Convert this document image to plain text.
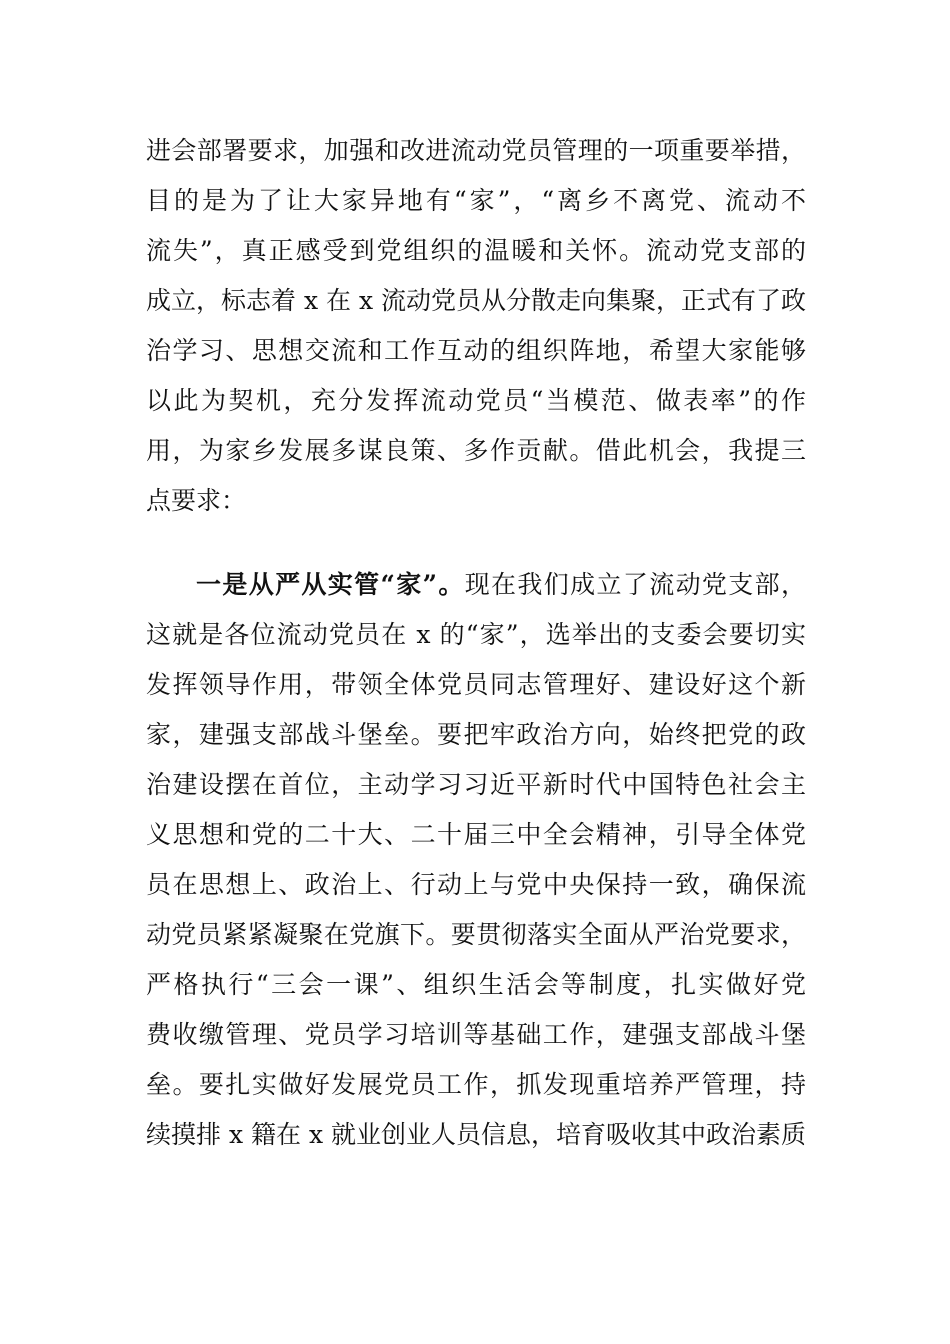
进会部署要求，加强和改进流动党员管理的一项重要举措，
目的是为了让大家异地有“家”，“离乡不离党、流动不
流失”，真正感受到党组织的温暖和关怀。流动党支部的
成立，标志着 x 在 x 流动党员从分散走向集聚，正式有了政
治学习、思想交流和工作互动的组织阵地，希望大家能够
以此为契机，充分发挥流动党员“当模范、做表率”的作
用，为家乡发展多谋良策、多作贡献。借此机会，我提三
点要求：
一是从严从实管“家”。现在我们成立了流动党支部，
这就是各位流动党员在 x 的“家”，选举出的支委会要切实
发挥领导作用，带领全体党员同志管理好、建设好这个新
家，建强支部战斗堡垒。要把牢政治方向，始终把党的政
治建设摆在首位，主动学习习近平新时代中国特色社会主
义思想和党的二十大、二十届三中全会精神，引导全体党
员在思想上、政治上、行动上与党中央保持一致，确保流
动党员紧紧凝聚在党旗下。要贯彻落实全面从严治党要求，
严格执行“三会一课”、组织生活会等制度，扎实做好党
费收缴管理、党员学习培训等基础工作，建强支部战斗堡
垒。要扎实做好发展党员工作，抓发现重培养严管理，持
续摸排 x 籍在 x 就业创业人员信息，培育吸收其中政治素质
